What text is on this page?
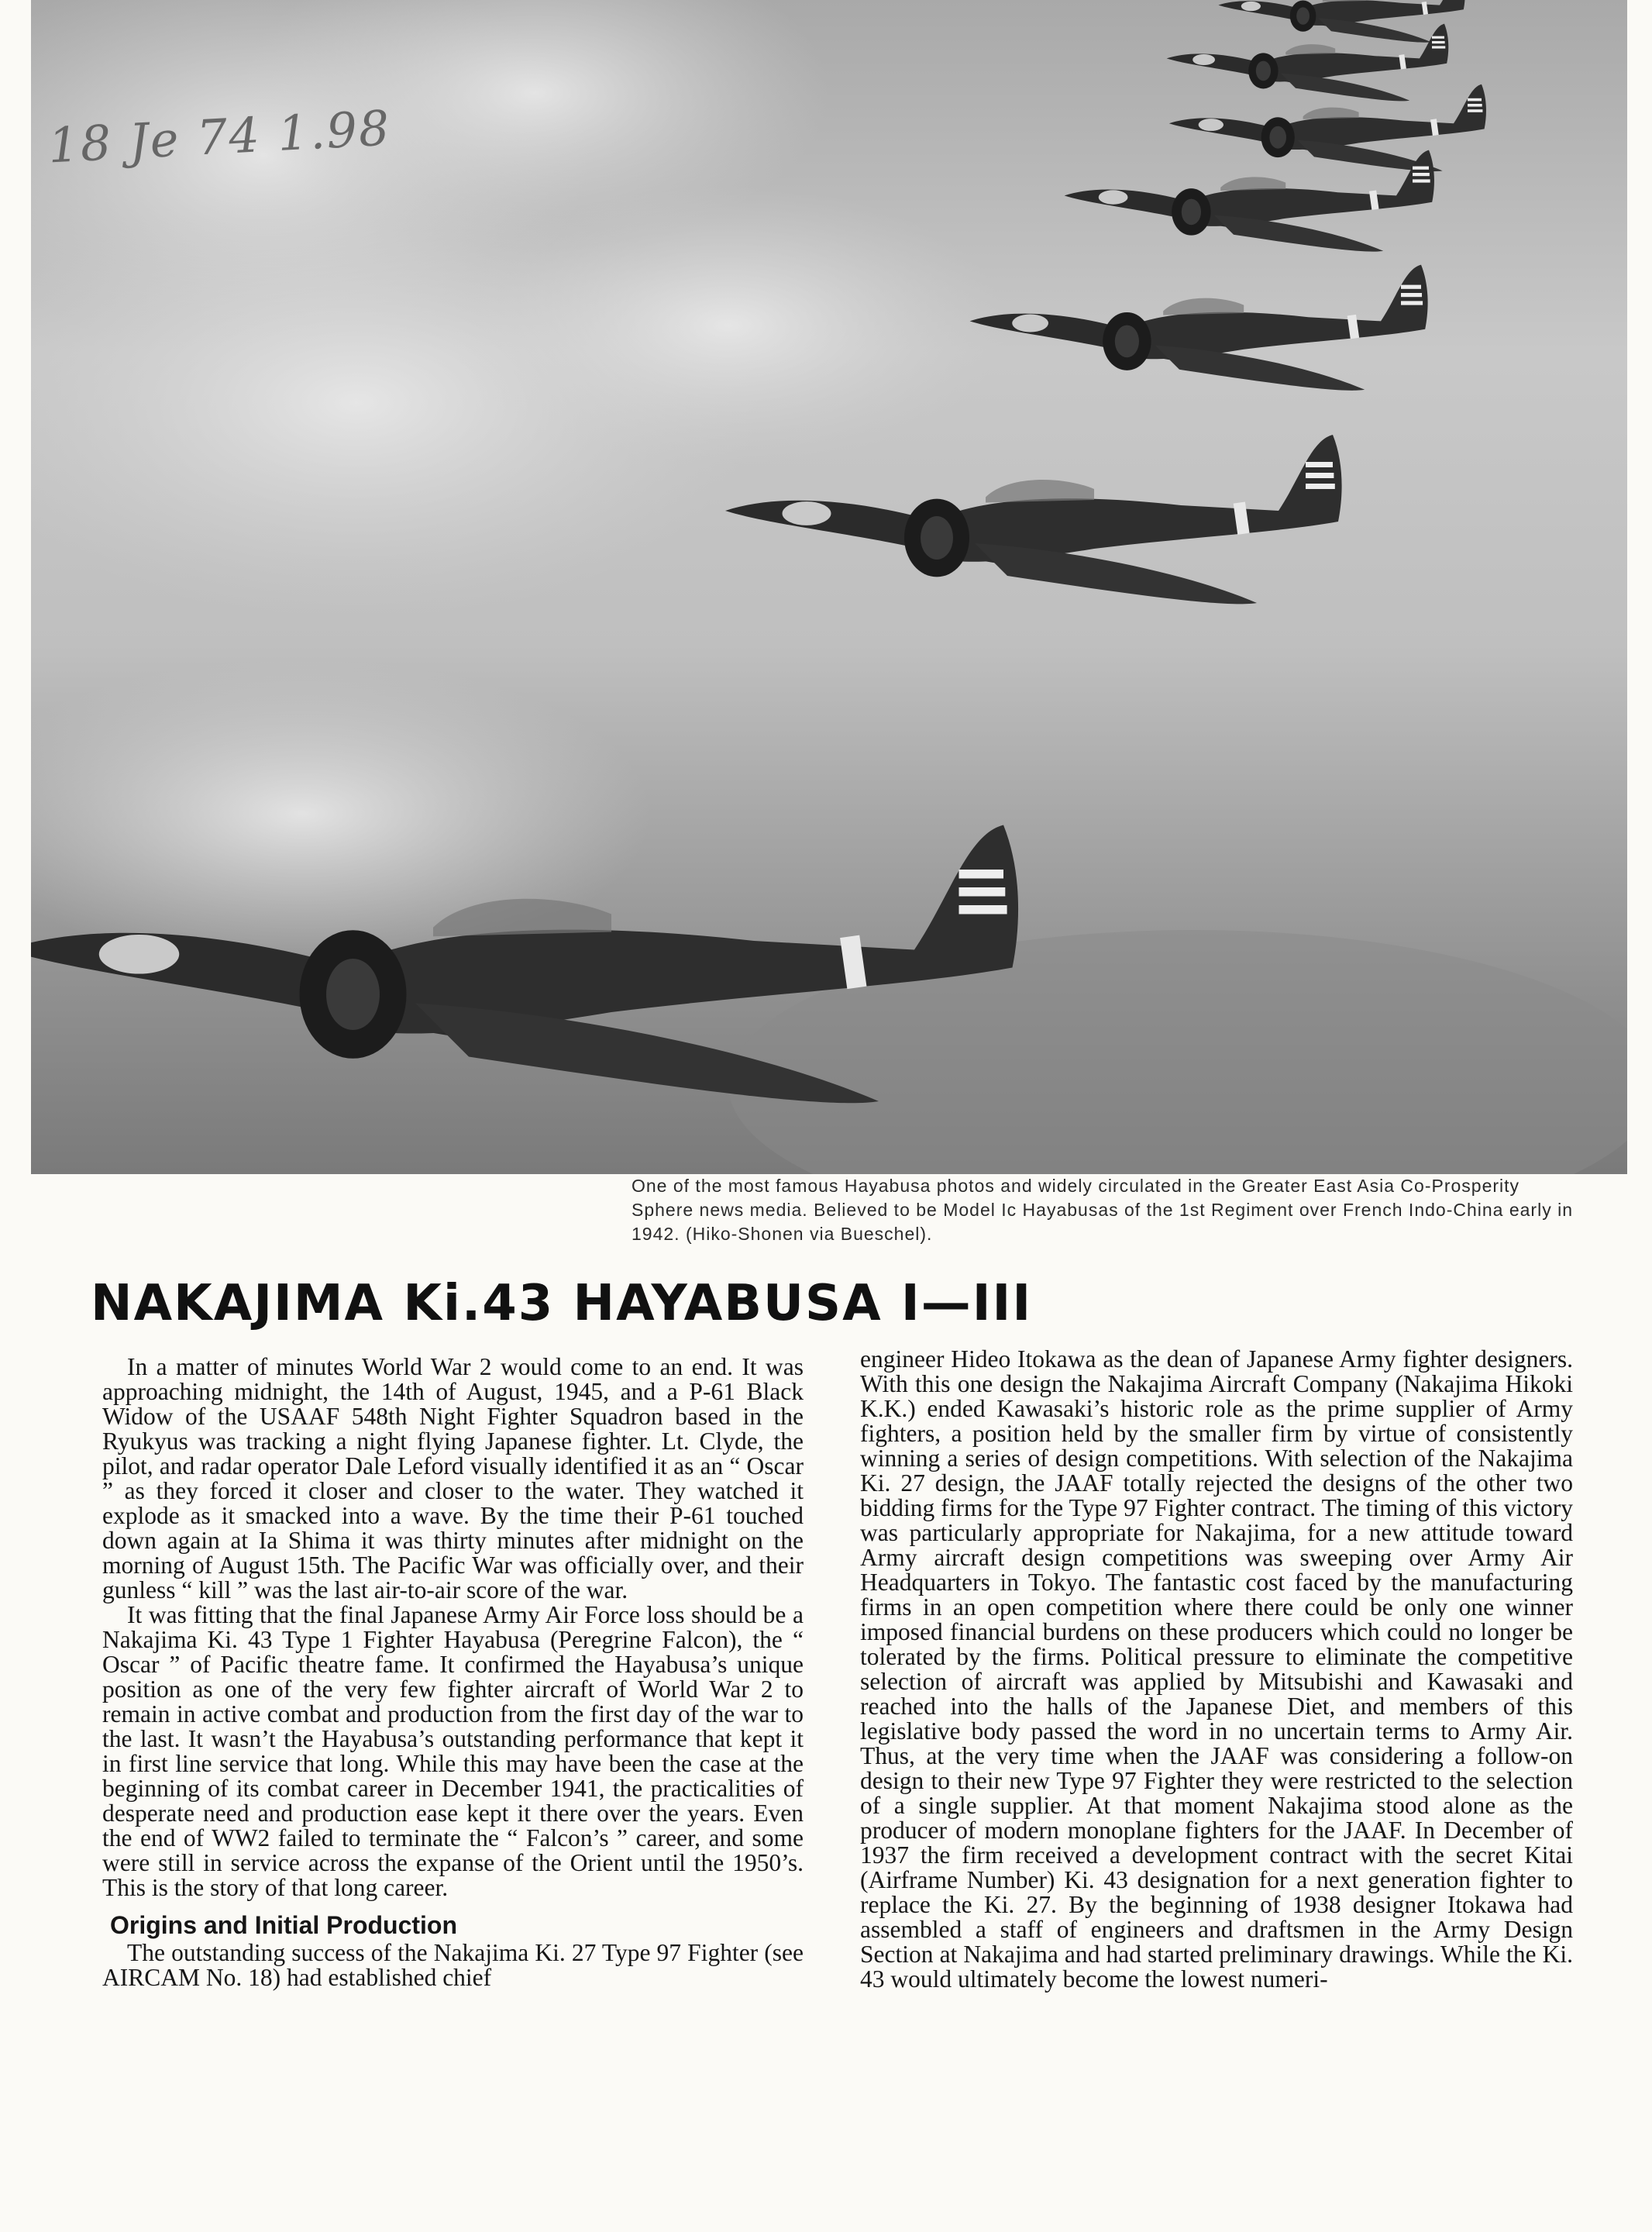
18 Je 74 1.98
One of the most famous Hayabusa photos and widely circulated in the Greater East Asia Co-Prosperity Sphere news media. Believed to be Model Ic Hayabusas of the 1st Regiment over French Indo-China early in 1942. (Hiko-Shonen via Bueschel).
NAKAJIMA Ki.43 HAYABUSA I—III

In a matter of minutes World War 2 would come to an end. It was approaching midnight, the 14th of August, 1945, and a P-61 Black Widow of the USAAF 548th Night Fighter Squadron based in the Ryukyus was tracking a night flying Japanese fighter. Lt. Clyde, the pilot, and radar operator Dale Leford visually identified it as an “ Oscar ” as they forced it closer and closer to the water. They watched it explode as it smacked into a wave. By the time their P-61 touched down again at Ia Shima it was thirty minutes after midnight on the morning of August 15th. The Pacific War was officially over, and their gunless “ kill ” was the last air-to-air score of the war.

It was fitting that the final Japanese Army Air Force loss should be a Nakajima Ki. 43 Type 1 Fighter Hayabusa (Peregrine Falcon), the “ Oscar ” of Pacific theatre fame. It confirmed the Hayabusa’s unique position as one of the very few fighter aircraft of World War 2 to remain in active combat and production from the first day of the war to the last. It wasn’t the Hayabusa’s outstanding performance that kept it in first line service that long. While this may have been the case at the beginning of its combat career in December 1941, the practicalities of desperate need and production ease kept it there over the years. Even the end of WW2 failed to terminate the “ Falcon’s ” career, and some were still in service across the expanse of the Orient until the 1950’s. This is the story of that long career.

Origins and Initial Production

The outstanding success of the Nakajima Ki. 27 Type 97 Fighter (see AIRCAM No. 18) had established chief

engineer Hideo Itokawa as the dean of Japanese Army fighter designers. With this one design the Nakajima Aircraft Company (Nakajima Hikoki K.K.) ended Kawasaki’s historic role as the prime supplier of Army fighters, a position held by the smaller firm by virtue of consistently winning a series of design competitions. With selection of the Nakajima Ki. 27 design, the JAAF totally rejected the designs of the other two bidding firms for the Type 97 Fighter contract. The timing of this victory was particularly appropriate for Nakajima, for a new attitude toward Army aircraft design competitions was sweeping over Army Air Headquarters in Tokyo. The fantastic cost faced by the manufacturing firms in an open competition where there could be only one winner imposed financial burdens on these producers which could no longer be tolerated by the firms. Political pressure to eliminate the competitive selection of aircraft was applied by Mitsubishi and Kawasaki and reached into the halls of the Japanese Diet, and members of this legislative body passed the word in no uncertain terms to Army Air. Thus, at the very time when the JAAF was considering a follow-on design to their new Type 97 Fighter they were restricted to the selection of a single supplier. At that moment Nakajima stood alone as the producer of modern monoplane fighters for the JAAF. In December of 1937 the firm received a development contract with the secret Kitai (Airframe Number) Ki. 43 designation for a next generation fighter to replace the Ki. 27. By the beginning of 1938 designer Itokawa had assembled a staff of engineers and draftsmen in the Army Design Section at Nakajima and had started preliminary drawings. While the Ki. 43 would ultimately become the lowest numeri-
